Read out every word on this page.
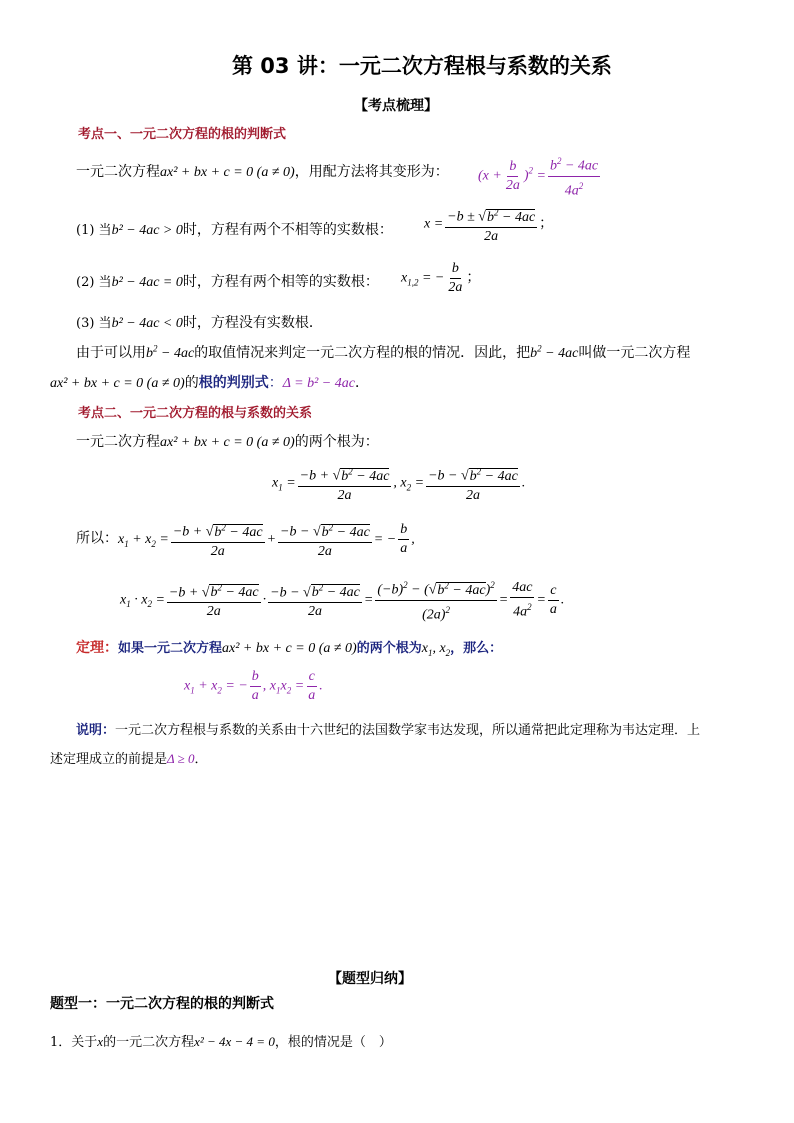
第 03 讲：一元二次方程根与系数的关系
【考点梳理】
考点一、一元二次方程的根的判断式
一元二次方程ax² + bx + c = 0 (a ≠ 0)，用配方法将其变形为： $(x + \frac{b}{2a} )^2 = \frac{b^2 - 4ac}{4a^2}$
(1) 当b² − 4ac > 0时，方程有两个不相等的实数根： $x = \frac{-b \pm √b^2 - 4ac}{2a}$ ；
(2) 当b² − 4ac = 0时，方程有两个相等的实数根： $x_{1,2}$ = − $\frac{b}{2a}$ ；
(3) 当b² − 4ac < 0时，方程没有实数根．
由于可以用$b^2 - 4ac$的取值情况来判定一元二次方程的根的情况．因此，把$b^2 - 4ac$叫做一元二次方程
ax² + bx + c = 0 (a ≠ 0)的根的判别式：Δ = b² − 4ac．
考点二、一元二次方程的根与系数的关系
一元二次方程ax² + bx + c = 0 (a ≠ 0)的两个根为：
$x_1 = \frac{-b + √b^2 - 4ac}{2a}$ , $x_2 = \frac{-b - √b^2 - 4ac}{2a}$ .
所以：$x_1 + x_2 = \frac{-b + √b^2 - 4ac}{2a} + \frac{-b - √b^2 - 4ac}{2a}$ = − $\frac{b}{a}$ ,
$x_1 \cdot x_2 = \frac{-b + √b^2 - 4ac}{2a} \cdot \frac{-b - √b^2 - 4ac}{2a} = \frac{(-b)^2 - (√b^2 - 4ac)^2}{(2a)^2} = \frac{4ac}{4a^2} = \frac{c}{a}$ .
定理：如果一元二次方程ax² + bx + c = 0 (a ≠ 0)的两个根为$x_1$, $x_2$，那么：
$x_1 + x_2$ = − $\frac{b}{a}$ , $x_1x_2 = \frac{c}{a}$ .
说明：一元二次方程根与系数的关系由十六世纪的法国数学家韦达发现，所以通常把此定理称为韦达定理．上
述定理成立的前提是Δ ≥ 0．
【题型归纳】
题型一：一元二次方程的根的判断式
1．关于x的一元二次方程x² − 4x − 4 = 0，根的情况是（　）
